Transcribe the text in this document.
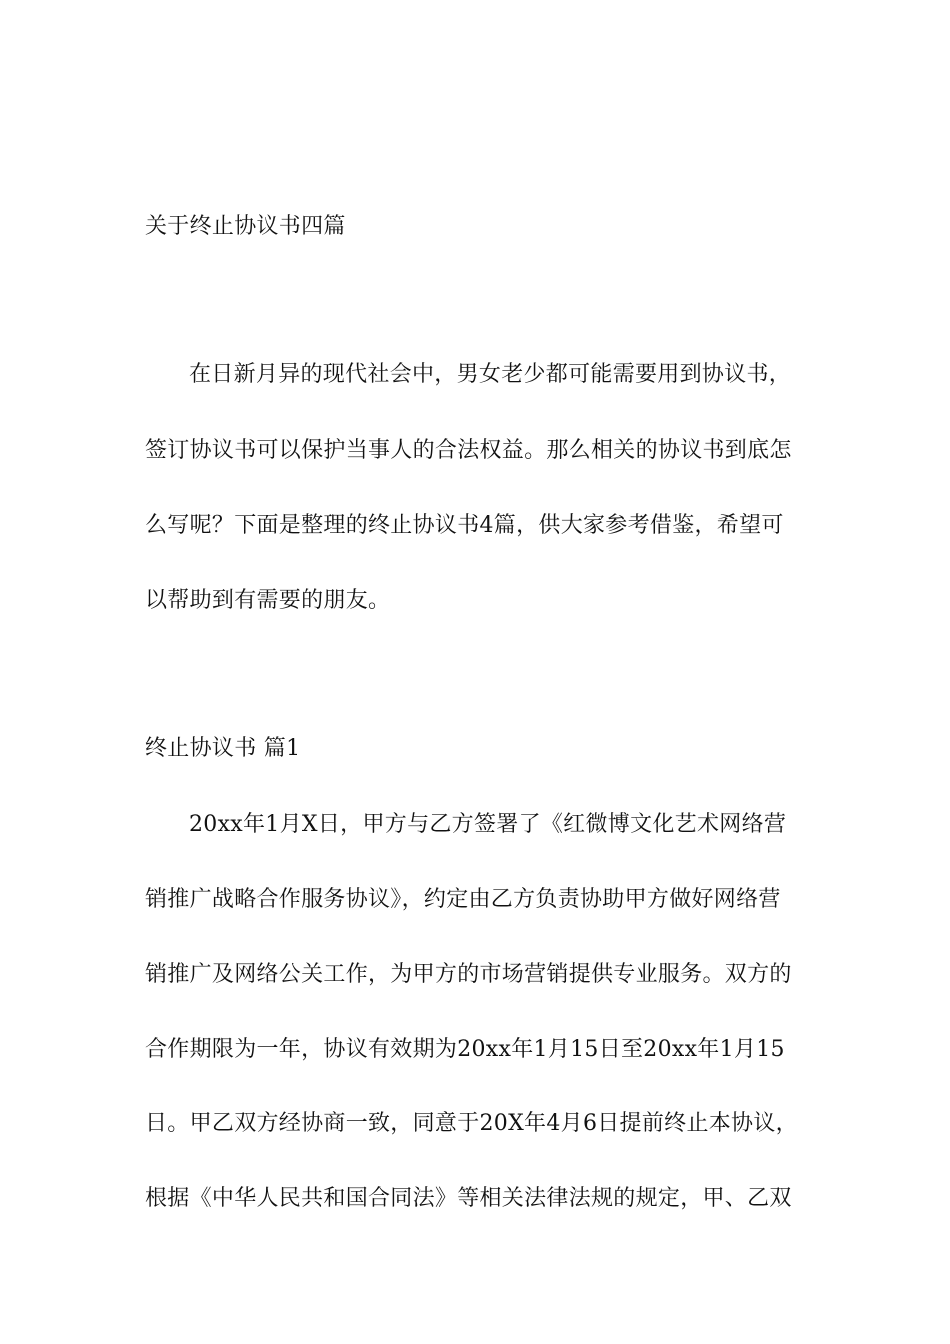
关于终止协议书四篇
在日新月异的现代社会中，男女老少都可能需要用到协议书，
签订协议书可以保护当事人的合法权益。那么相关的协议书到底怎
么写呢？下面是整理的终止协议书4篇，供大家参考借鉴，希望可
以帮助到有需要的朋友。
终止协议书 篇1
20xx年1月X日，甲方与乙方签署了《红微博文化艺术网络营
销推广战略合作服务协议》，约定由乙方负责协助甲方做好网络营
销推广及网络公关工作，为甲方的市场营销提供专业服务。双方的
合作期限为一年，协议有效期为20xx年1月15日至20xx年1月15
日。甲乙双方经协商一致，同意于20X年4月6日提前终止本协议，
根据《中华人民共和国合同法》等相关法律法规的规定，甲、乙双
